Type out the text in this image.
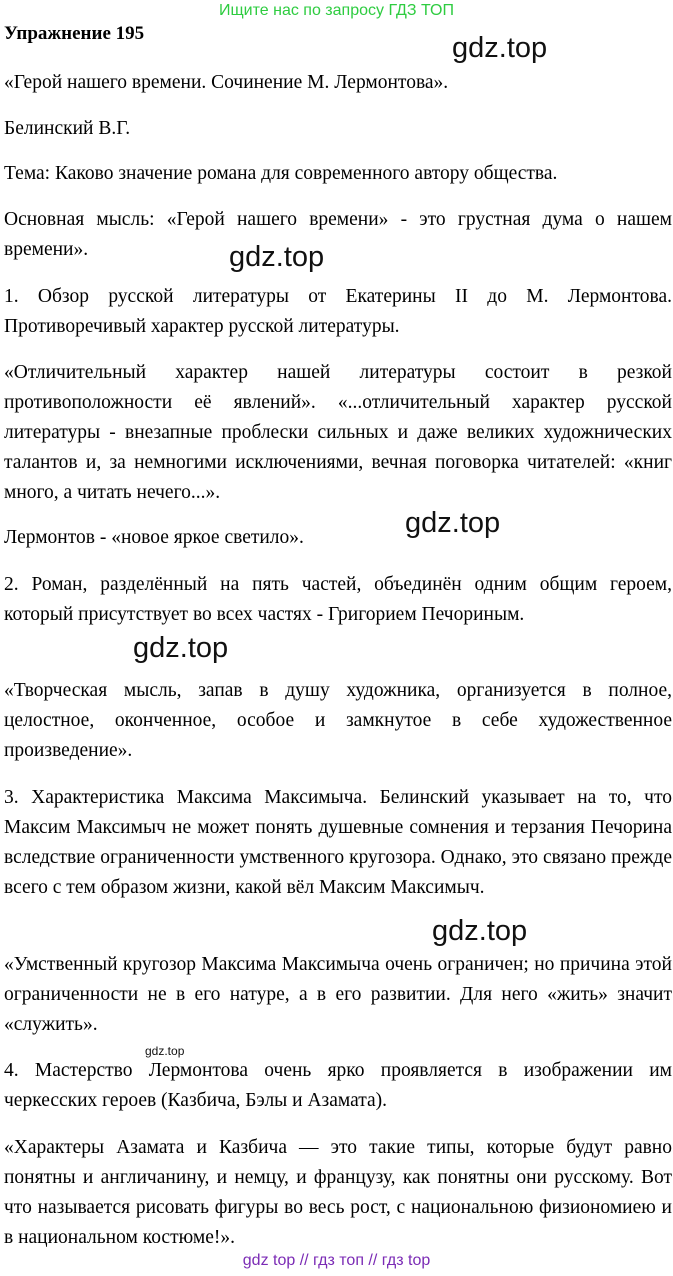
Ищите нас по запросу ГДЗ ТОП
Упражнение 195
«Герой нашего времени. Сочинение М. Лермонтова».
Белинский В.Г.
Тема: Каково значение романа для современного автору общества.
Основная мысль: «Герой нашего времени» - это грустная дума о нашем времени».
1. Обзор русской литературы от Екатерины II до М. Лермонтова. Противоречивый характер русской литературы.
«Отличительный характер нашей литературы состоит в резкой противоположности её явлений». «...отличительный характер русской литературы - внезапные проблески сильных и даже великих художнических талантов и, за немногими исключениями, вечная поговорка читателей: «книг много, а читать нечего...».
Лермонтов - «новое яркое светило».
2. Роман, разделённый на пять частей, объединён одним общим героем, который присутствует во всех частях - Григорием Печориным.
«Творческая мысль, запав в душу художника, организуется в полное, целостное, оконченное, особое и замкнутое в себе художественное произведение».
3. Характеристика Максима Максимыча. Белинский указывает на то, что Максим Максимыч не может понять душевные сомнения и терзания Печорина вследствие ограниченности умственного кругозора. Однако, это связано прежде всего с тем образом жизни, какой вёл Максим Максимыч.
«Умственный кругозор Максима Максимыча очень ограничен; но причина этой ограниченности не в его натуре, а в его развитии. Для него «жить» значит «служить».
4. Мастерство Лермонтова очень ярко проявляется в изображении им черкесских героев (Казбича, Бэлы и Азамата).
«Характеры Азамата и Казбича — это такие типы, которые будут равно понятны и англичанину, и немцу, и французу, как понятны они русскому. Вот что называется рисовать фигуры во весь рост, с национальною физиономиею и в национальном костюме!».
gdz.top
gdz.top
gdz.top
gdz.top
gdz.top
gdz.top
gdz top // гдз топ // гдз top
